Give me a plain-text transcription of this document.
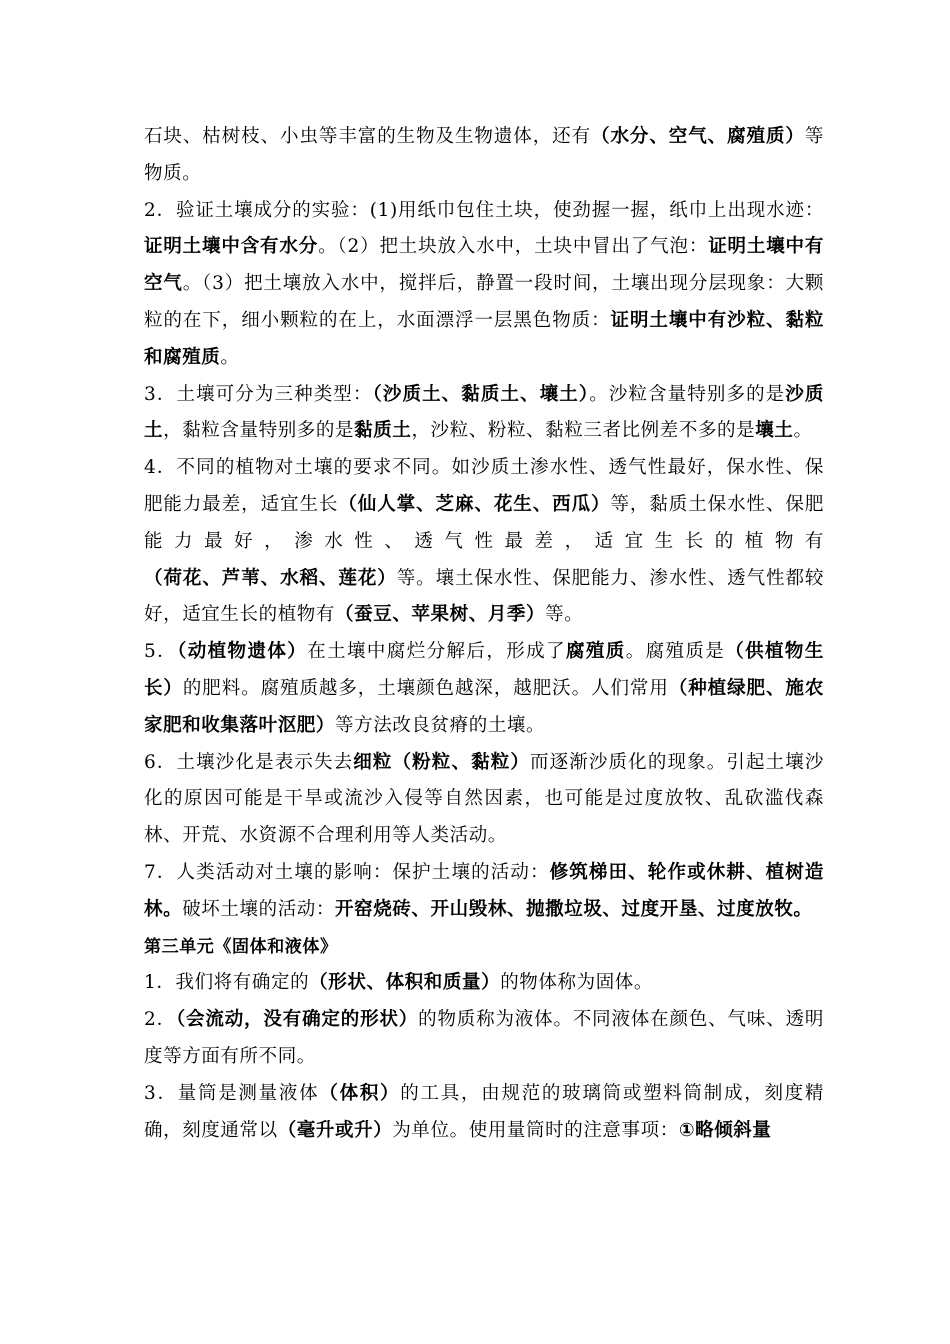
石块、枯树枝、小虫等丰富的生物及生物遗体，还有（水分、空气、腐殖质）等物质。

2．验证土壤成分的实验：(1)用纸巾包住土块，使劲握一握，纸巾上出现水迹：证明土壤中含有水分。（2）把土块放入水中，土块中冒出了气泡：证明土壤中有空气。（3）把土壤放入水中，搅拌后，静置一段时间，土壤出现分层现象：大颗粒的在下，细小颗粒的在上，水面漂浮一层黑色物质：证明土壤中有沙粒、黏粒和腐殖质。

3．土壤可分为三种类型：（沙质土、黏质土、壤土）。沙粒含量特别多的是沙质土，黏粒含量特别多的是黏质土，沙粒、粉粒、黏粒三者比例差不多的是壤土。

4．不同的植物对土壤的要求不同。如沙质土渗水性、透气性最好，保水性、保肥能力最差，适宜生长（仙人掌、芝麻、花生、西瓜）等，黏质土保水性、保肥能力最好，渗水性、透气性最差，适宜生长的植物有（荷花、芦苇、水稻、莲花）等。壤土保水性、保肥能力、渗水性、透气性都较好，适宜生长的植物有（蚕豆、苹果树、月季）等。

5．（动植物遗体）在土壤中腐烂分解后，形成了腐殖质。腐殖质是（供植物生长）的肥料。腐殖质越多，土壤颜色越深，越肥沃。人们常用（种植绿肥、施农家肥和收集落叶沤肥）等方法改良贫瘠的土壤。

6．土壤沙化是表示失去细粒（粉粒、黏粒）而逐渐沙质化的现象。引起土壤沙化的原因可能是干旱或流沙入侵等自然因素，也可能是过度放牧、乱砍滥伐森林、开荒、水资源不合理利用等人类活动。

7．人类活动对土壤的影响：保护土壤的活动：修筑梯田、轮作或休耕、植树造林。破坏土壤的活动：开窑烧砖、开山毁林、抛撒垃圾、过度开垦、过度放牧。

第三单元《固体和液体》

1．我们将有确定的（形状、体积和质量）的物体称为固体。

2．（会流动，没有确定的形状）的物质称为液体。不同液体在颜色、气味、透明度等方面有所不同。

3．量筒是测量液体（体积）的工具，由规范的玻璃筒或塑料筒制成，刻度精确，刻度通常以（毫升或升）为单位。使用量筒时的注意事项：①略倾斜量
